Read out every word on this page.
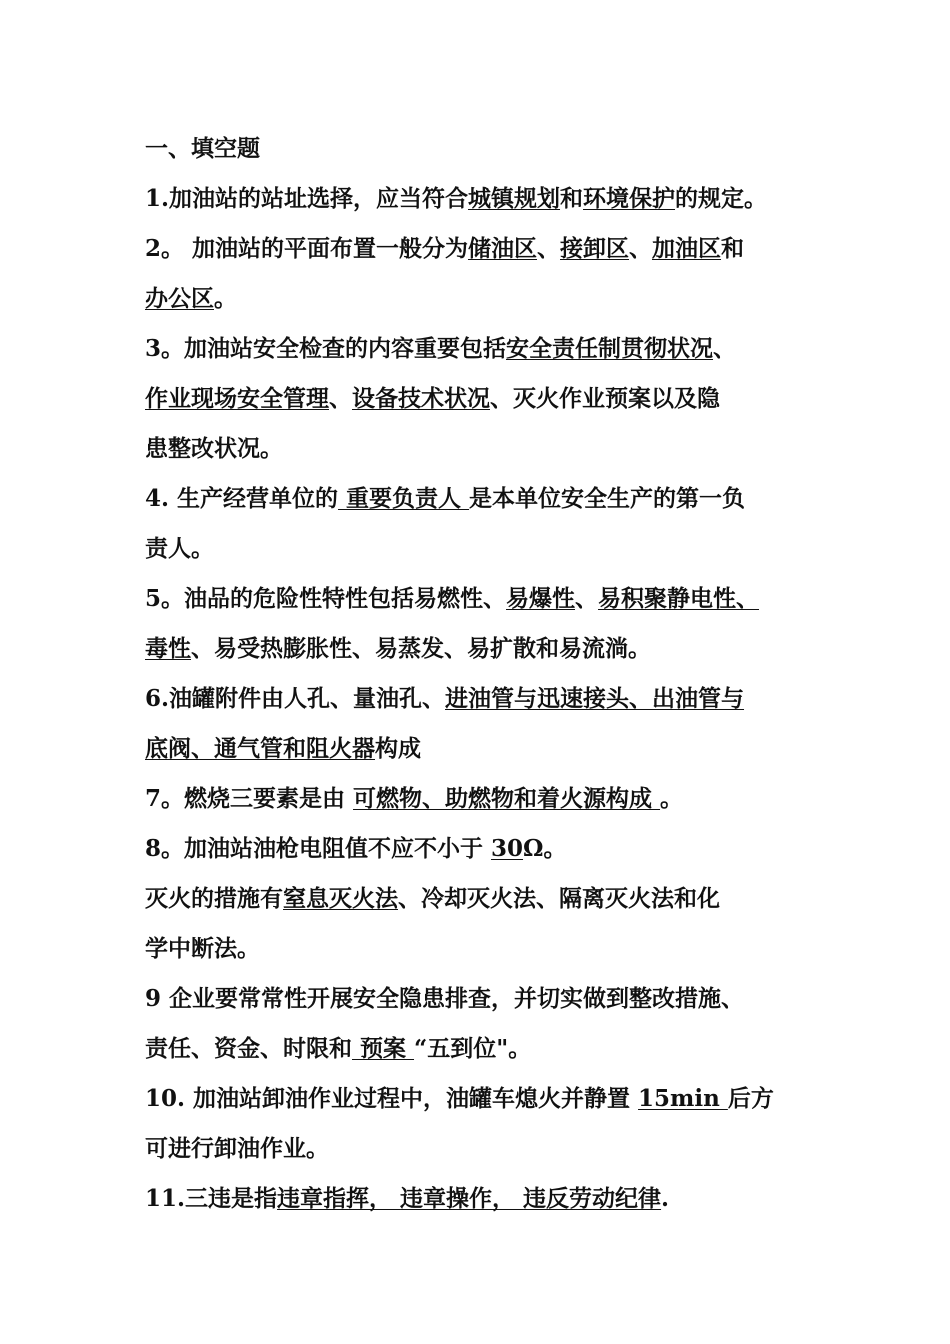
一、填空题
1.加油站的站址选择，应当符合城镇规划和环境保护的规定。
2。 加油站的平面布置一般分为储油区、接卸区、加油区和
办公区。
3。加油站安全检查的内容重要包括安全责任制贯彻状况、
作业现场安全管理、设备技术状况、灭火作业预案以及隐
患整改状况。
4. 生产经营单位的 重要负责人 是本单位安全生产的第一负
责人。
5。油品的危险性特性包括易燃性、易爆性、易积聚静电性、
毒性、易受热膨胀性、易蒸发、易扩散和易流淌。
6.油罐附件由人孔、量油孔、进油管与迅速接头、出油管与
底阀、通气管和阻火器构成
7。燃烧三要素是由 可燃物、助燃物和着火源构成 。
8。加油站油枪电阻值不应不小于 30Ω。
灭火的措施有窒息灭火法、冷却灭火法、隔离灭火法和化
学中断法。
9 企业要常常性开展安全隐患排查，并切实做到整改措施、
责任、资金、时限和 预案 “五到位"。
10. 加油站卸油作业过程中，油罐车熄火并静置 15min 后方
可进行卸油作业。
11.三违是指违章指挥， 违章操作， 违反劳动纪律.
